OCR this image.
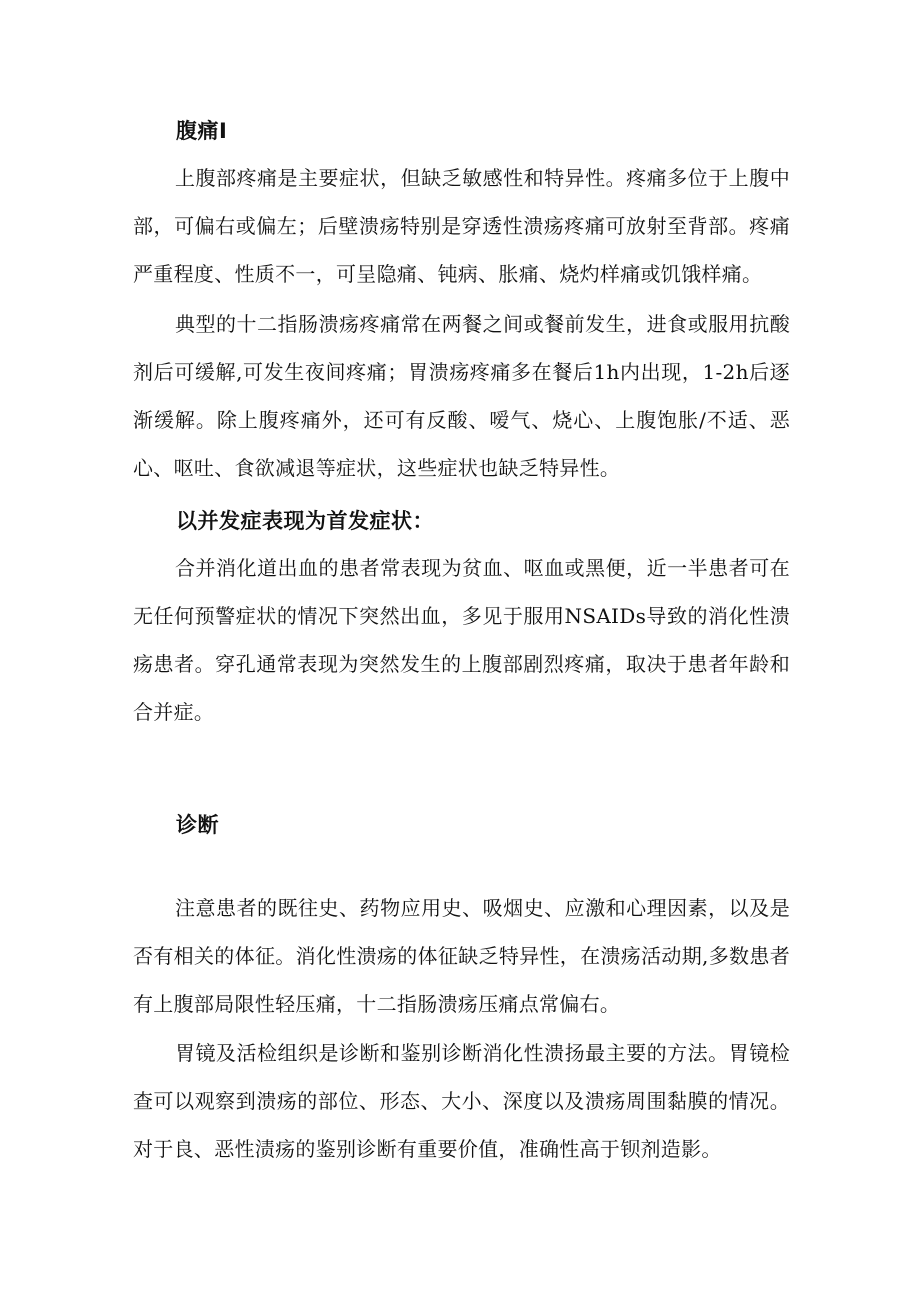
腹痛I

上腹部疼痛是主要症状，但缺乏敏感性和特异性。疼痛多位于上腹中部，可偏右或偏左；后壁溃疡特别是穿透性溃疡疼痛可放射至背部。疼痛严重程度、性质不一，可呈隐痛、钝病、胀痛、烧灼样痛或饥饿样痛。

典型的十二指肠溃疡疼痛常在两餐之间或餐前发生，进食或服用抗酸剂后可缓解,可发生夜间疼痛；胃溃疡疼痛多在餐后1h内出现，1-2h后逐渐缓解。除上腹疼痛外，还可有反酸、嗳气、烧心、上腹饱胀/不适、恶心、呕吐、食欲减退等症状，这些症状也缺乏特异性。

以并发症表现为首发症状：

合并消化道出血的患者常表现为贫血、呕血或黑便，近一半患者可在无任何预警症状的情况下突然出血，多见于服用NSAIDs导致的消化性溃疡患者。穿孔通常表现为突然发生的上腹部剧烈疼痛，取决于患者年龄和合并症。

诊断

注意患者的既往史、药物应用史、吸烟史、应激和心理因素，以及是否有相关的体征。消化性溃疡的体征缺乏特异性，在溃疡活动期,多数患者有上腹部局限性轻压痛，十二指肠溃疡压痛点常偏右。

胃镜及活检组织是诊断和鉴别诊断消化性溃扬最主要的方法。胃镜检查可以观察到溃疡的部位、形态、大小、深度以及溃疡周围黏膜的情况。对于良、恶性渍疡的鉴别诊断有重要价值，准确性高于钡剂造影。
